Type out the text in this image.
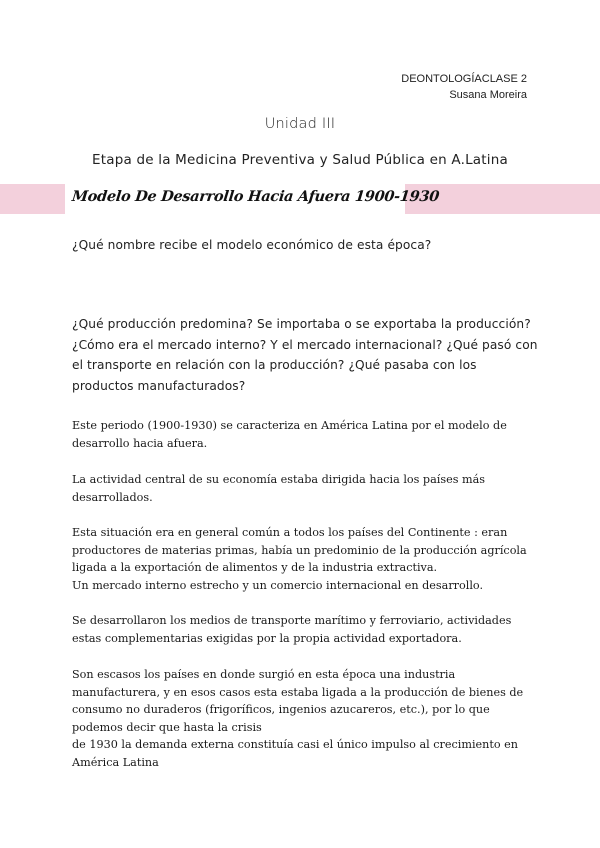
DEONTOLOGÍACLASE 2
Susana Moreira
Unidad III
Etapa de la Medicina Preventiva y Salud Pública en A.Latina
Modelo De Desarrollo Hacia Afuera 1900-1930
¿Qué nombre recibe el modelo económico de esta época?
¿Qué producción predomina? Se importaba o se exportaba la producción?
¿Cómo era el mercado interno? Y el mercado internacional? ¿Qué pasó con
el transporte en relación con la producción? ¿Qué pasaba con los
productos manufacturados?
Este periodo (1900-1930) se caracteriza en América Latina por el modelo de
desarrollo hacia afuera.
La actividad central de su economía estaba dirigida hacia los países más
desarrollados.
Esta situación era en general común a todos los países del Continente : eran
productores de materias primas, había un predominio de la producción agrícola
ligada a la exportación de alimentos y de la industria extractiva.
Un mercado interno estrecho y un comercio internacional en desarrollo.
Se desarrollaron los medios de transporte marítimo y ferroviario, actividades
estas complementarias exigidas por la propia actividad exportadora.
Son escasos los países en donde surgió en esta época una industria
manufacturera, y en esos casos esta estaba ligada a la producción de bienes de
consumo no duraderos (frigoríficos, ingenios azucareros, etc.), por lo que
podemos decir que hasta la crisis
de 1930 la demanda externa constituía casi el único impulso al crecimiento en
América Latina
